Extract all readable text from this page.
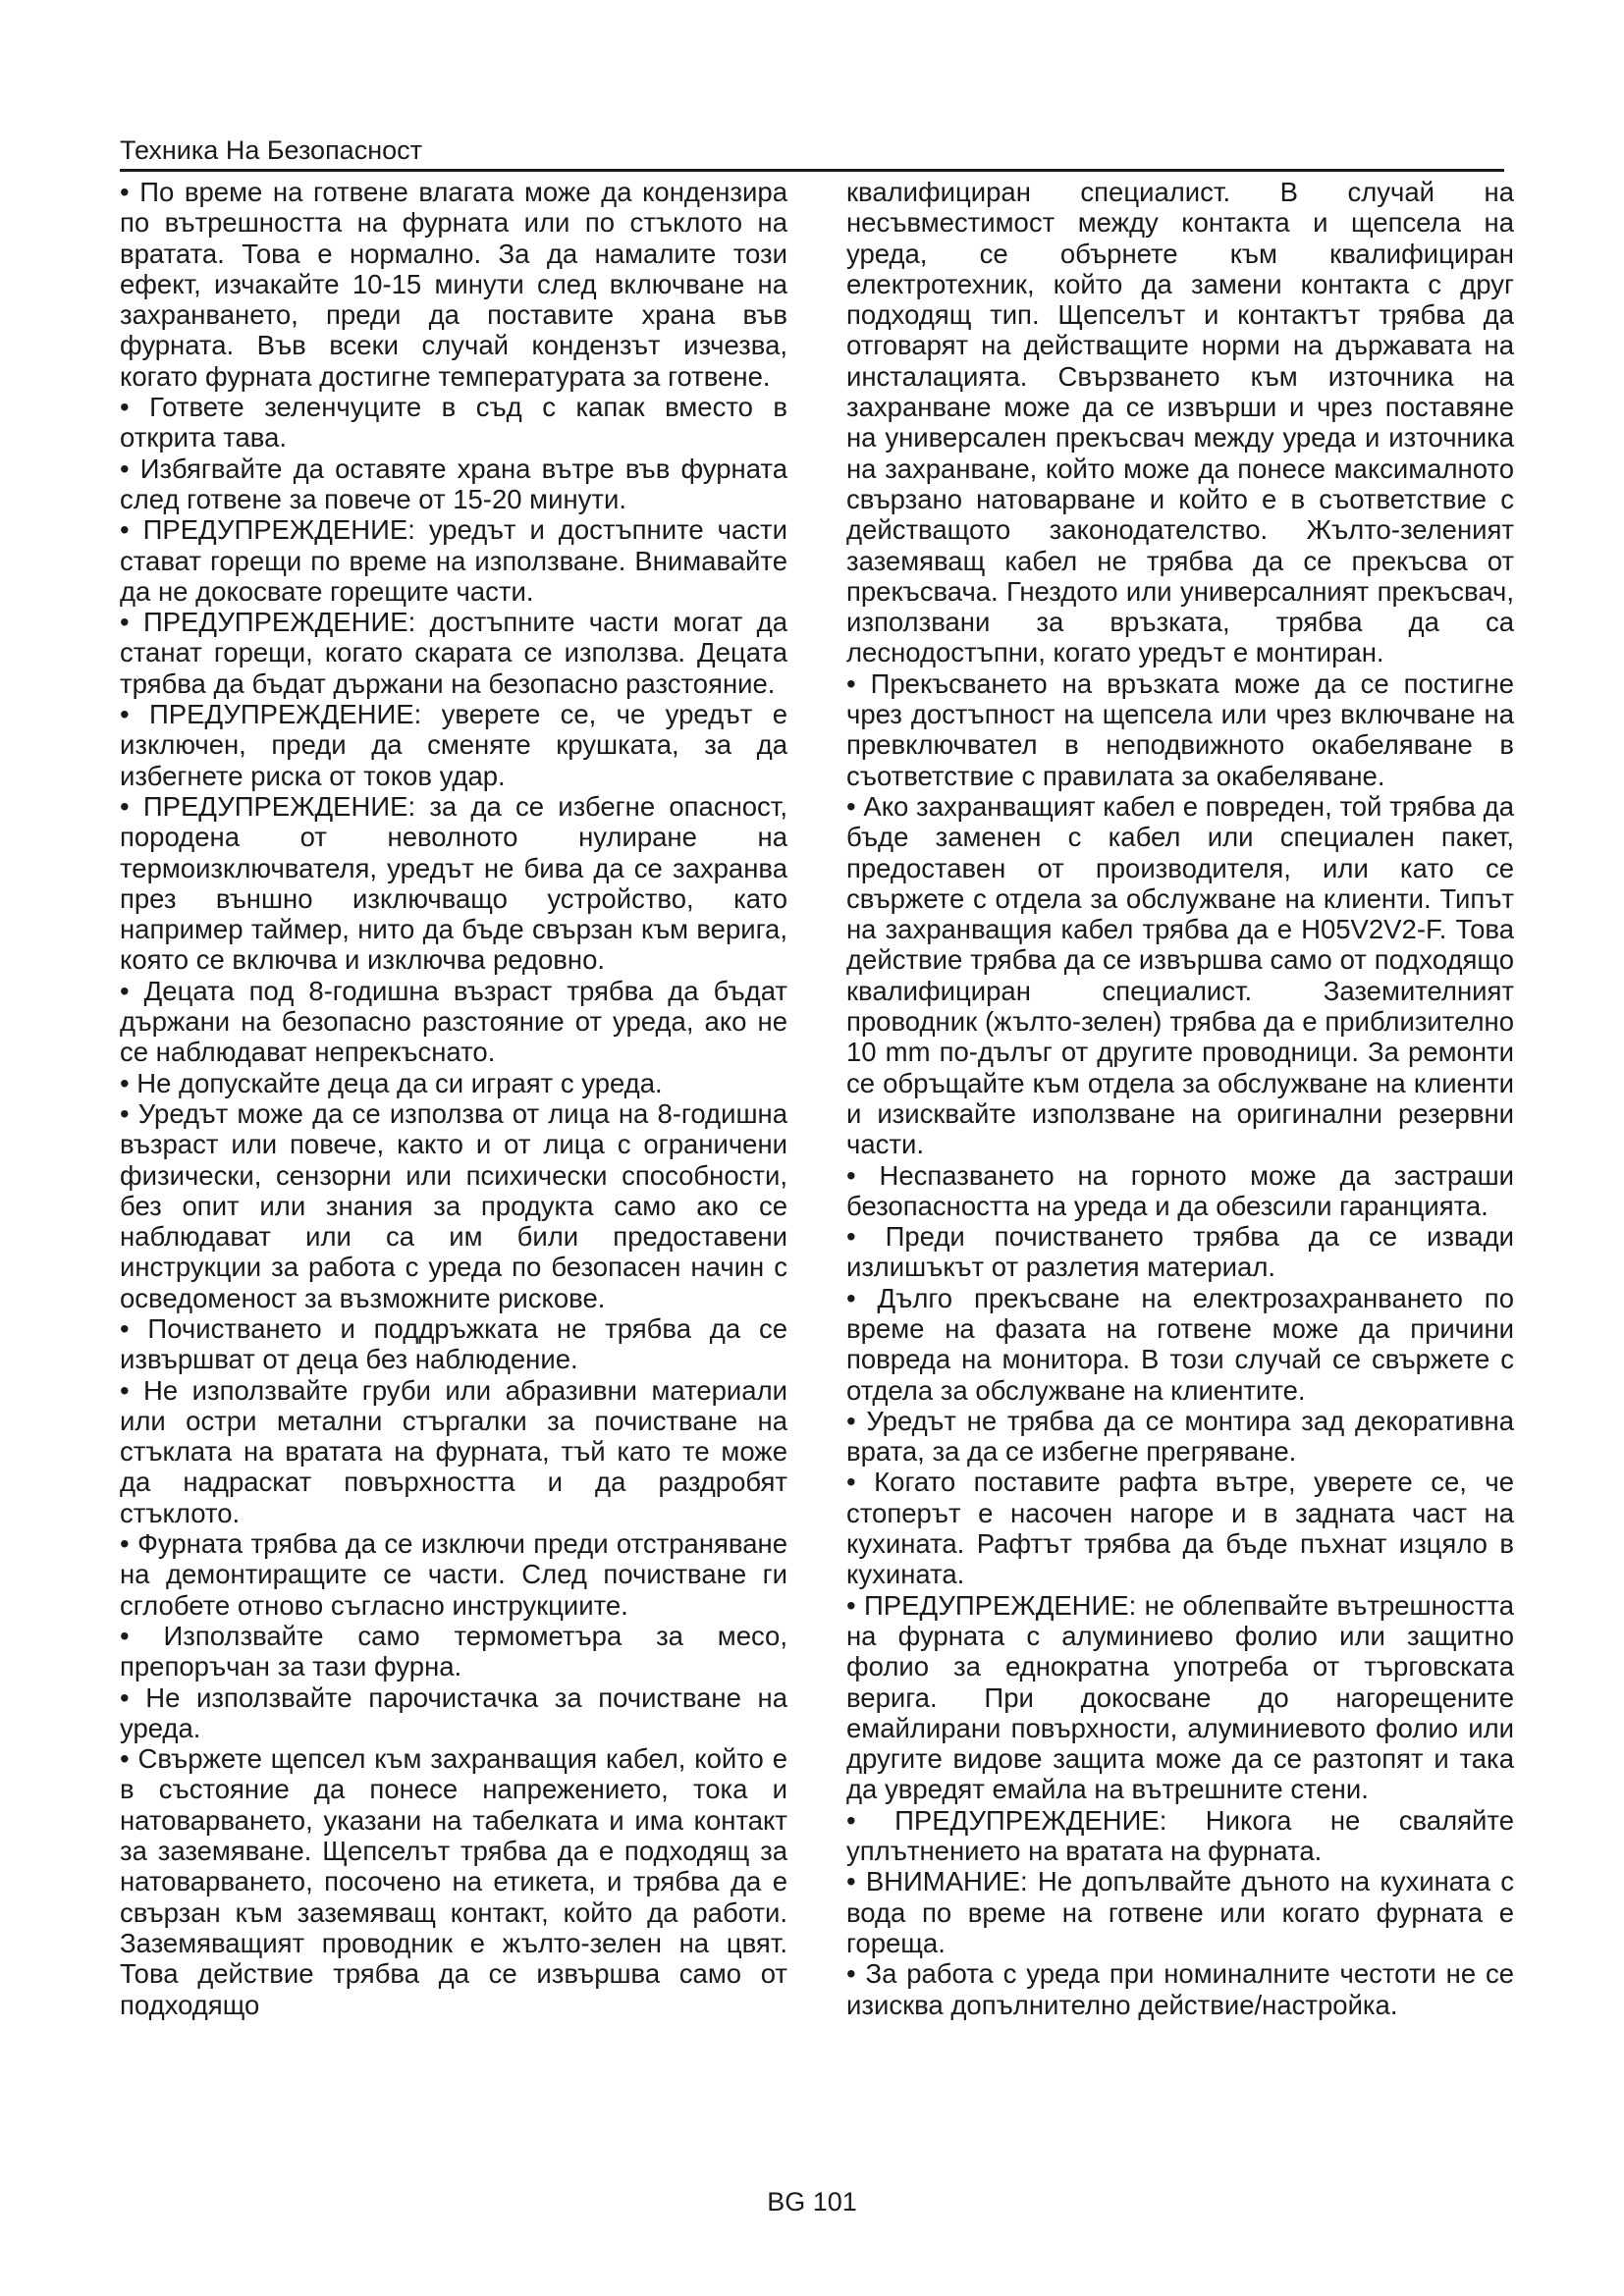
Техника На Безопасност

• По време на готвене влагата може да кондензира по вътрешността на фурната или по стъклото на вратата. Това е нормално. За да намалите този ефект, изчакайте 10-15 минути след включване на захранването, преди да поставите храна във фурната. Във всеки случай кондензът изчезва, когато фурната достигне температурата за готвене.

• Гответе зеленчуците в съд с капак вместо в открита тава.

• Избягвайте да оставяте храна вътре във фурната след готвене за повече от 15-20 минути.

• ПРЕДУПРЕЖДЕНИЕ: уредът и достъпните части стават горещи по време на използване. Внимавайте да не докосвате горещите части.

• ПРЕДУПРЕЖДЕНИЕ: достъпните части могат да станат горещи, когато скарата се използва. Децата трябва да бъдат държани на безопасно разстояние.

• ПРЕДУПРЕЖДЕНИЕ: уверете се, че уредът е изключен, преди да сменяте крушката, за да избегнете риска от токов удар.

• ПРЕДУПРЕЖДЕНИЕ: за да се избегне опасност, породена от неволното нулиране на термоизключвателя, уредът не бива да се захранва през външно изключващо устройство, като например таймер, нито да бъде свързан към верига, която се включва и изключва редовно.

• Децата под 8-годишна възраст трябва да бъдат държани на безопасно разстояние от уреда, ако не се наблюдават непрекъснато.

• Не допускайте деца да си играят с уреда.

• Уредът може да се използва от лица на 8-годишна възраст или повече, както и от лица с ограничени физически, сензорни или психически способности, без опит или знания за продукта само ако се наблюдават или са им били предоставени инструкции за работа с уреда по безопасен начин с осведоменост за възможните рискове.

• Почистването и поддръжката не трябва да се извършват от деца без наблюдение.

• Не използвайте груби или абразивни материали или остри метални стъргалки за почистване на стъклата на вратата на фурната, тъй като те може да надраскат повърхността и да раздробят стъклото.

• Фурната трябва да се изключи преди отстраняване на демонтиращите се части. След почистване ги сглобете отново съгласно инструкциите.

• Използвайте само термометъра за месо, препоръчан за тази фурна.

• Не използвайте парочистачка за почистване на уреда.

• Свържете щепсел към захранващия кабел, който е в състояние да понесе напрежението, тока и натоварването, указани на табелката и има контакт за заземяване. Щепселът трябва да е подходящ за натоварването, посочено на етикета, и трябва да е свързан към заземяващ контакт, който да работи. Заземяващият проводник е жълто-зелен на цвят. Това действие трябва да се извършва само от подходящо

квалифициран специалист. В случай на несъвместимост между контакта и щепсела на уреда, се обърнете към квалифициран електротехник, който да замени контакта с друг подходящ тип. Щепселът и контактът трябва да отговарят на действащите норми на държавата на инсталацията. Свързването към източника на захранване може да се извърши и чрез поставяне на универсален прекъсвач между уреда и източника на захранване, който може да понесе максималното свързано натоварване и който е в съответствие с действащото законодателство. Жълто-зеленият заземяващ кабел не трябва да се прекъсва от прекъсвача. Гнездото или универсалният прекъсвач, използвани за връзката, трябва да са леснодостъпни, когато уредът е монтиран.

• Прекъсването на връзката може да се постигне чрез достъпност на щепсела или чрез включване на превключвател в неподвижното окабеляване в съответствие с правилата за окабеляване.

• Ако захранващият кабел е повреден, той трябва да бъде заменен с кабел или специален пакет, предоставен от производителя, или като се свържете с отдела за обслужване на клиенти. Типът на захранващия кабел трябва да е H05V2V2-F. Това действие трябва да се извършва само от подходящо квалифициран специалист. Заземителният проводник (жълто-зелен) трябва да е приблизително 10 mm по-дълъг от другите проводници. За ремонти се обръщайте към отдела за обслужване на клиенти и изисквайте използване на оригинални резервни части.

• Неспазването на горното може да застраши безопасността на уреда и да обезсили гаранцията.

• Преди почистването трябва да се извади излишъкът от разлетия материал.

• Дълго прекъсване на електрозахранването по време на фазата на готвене може да причини повреда на монитора. В този случай се свържете с отдела за обслужване на клиентите.

• Уредът не трябва да се монтира зад декоративна врата, за да се избегне прегряване.

• Когато поставите рафта вътре, уверете се, че стоперът е насочен нагоре и в задната част на кухината. Рафтът трябва да бъде пъхнат изцяло в кухината.

• ПРЕДУПРЕЖДЕНИЕ: не облепвайте вътрешността на фурната с алуминиево фолио или защитно фолио за еднократна употреба от търговската верига. При докосване до нагорещените емайлирани повърхности, алуминиевото фолио или другите видове защита може да се разтопят и така да увредят емайла на вътрешните стени.

• ПРЕДУПРЕЖДЕНИЕ: Никога не сваляйте уплътнението на вратата на фурната.

• ВНИМАНИЕ: Не допълвайте дъното на кухината с вода по време на готвене или когато фурната е гореща.

• За работа с уреда при номиналните честоти не се изисква допълнително действие/настройка.

BG 101
